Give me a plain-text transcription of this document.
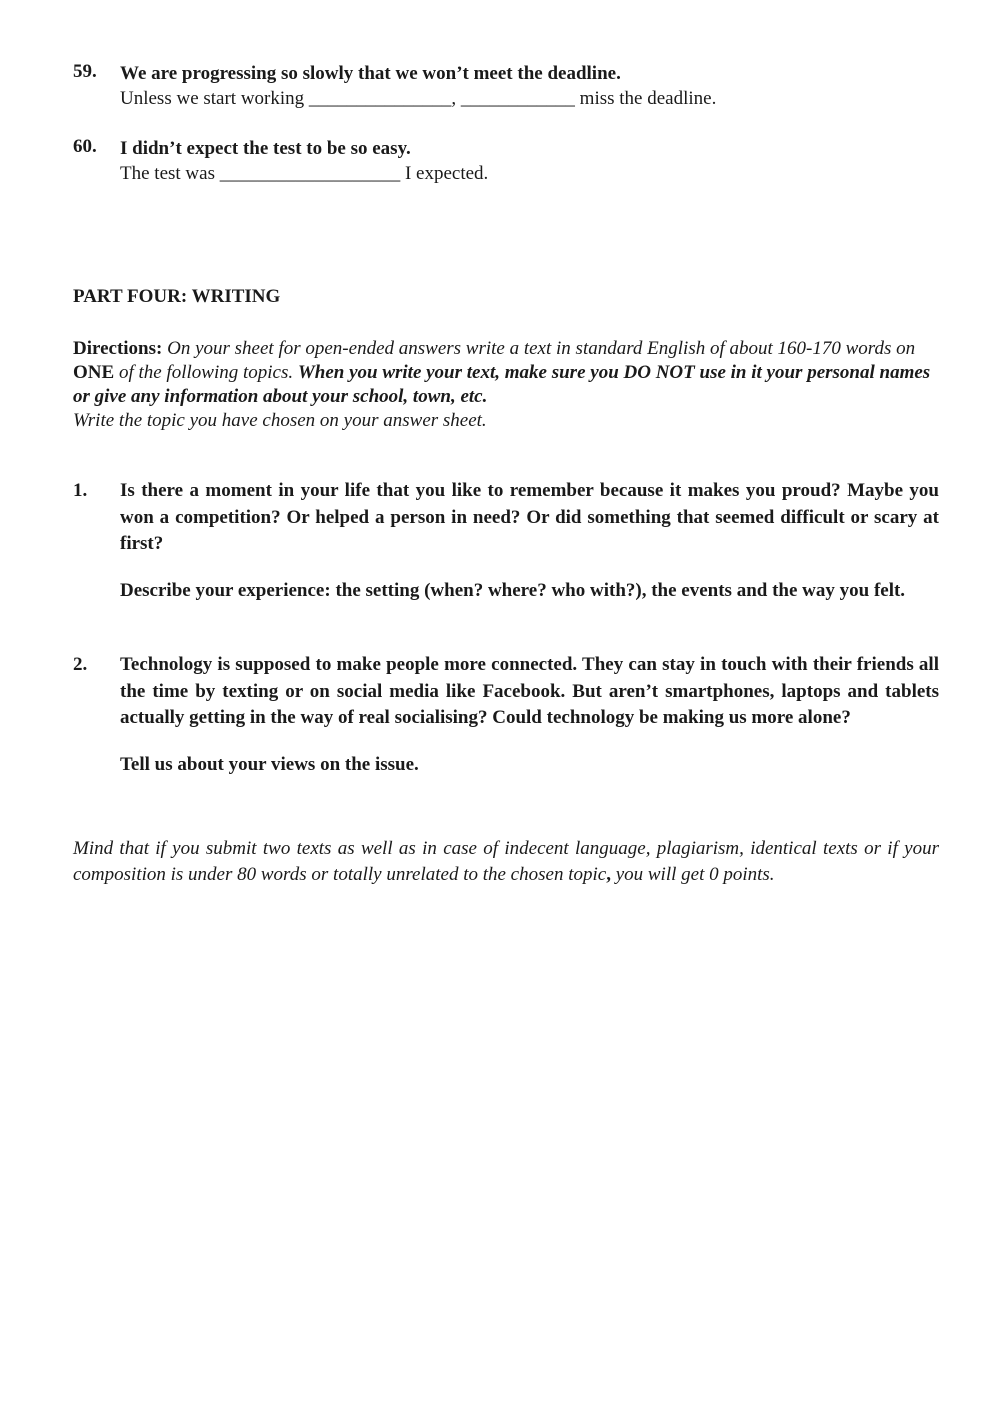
59. We are progressing so slowly that we won’t meet the deadline.
Unless we start working _______________, ____________ miss the deadline.
60. I didn’t expect the test to be so easy.
The test was ___________________ I expected.
PART FOUR: WRITING
Directions: On your sheet for open-ended answers write a text in standard English of about 160-170 words on ONE of the following topics. When you write your text, make sure you DO NOT use in it your personal names or give any information about your school, town, etc.
Write the topic you have chosen on your answer sheet.
1. Is there a moment in your life that you like to remember because it makes you proud? Maybe you won a competition? Or helped a person in need? Or did something that seemed difficult or scary at first?
Describe your experience: the setting (when? where? who with?), the events and the way you felt.
2. Technology is supposed to make people more connected. They can stay in touch with their friends all the time by texting or on social media like Facebook. But aren’t smartphones, laptops and tablets actually getting in the way of real socialising? Could technology be making us more alone?
Tell us about your views on the issue.
Mind that if you submit two texts as well as in case of indecent language, plagiarism, identical texts or if your composition is under 80 words or totally unrelated to the chosen topic, you will get 0 points.
